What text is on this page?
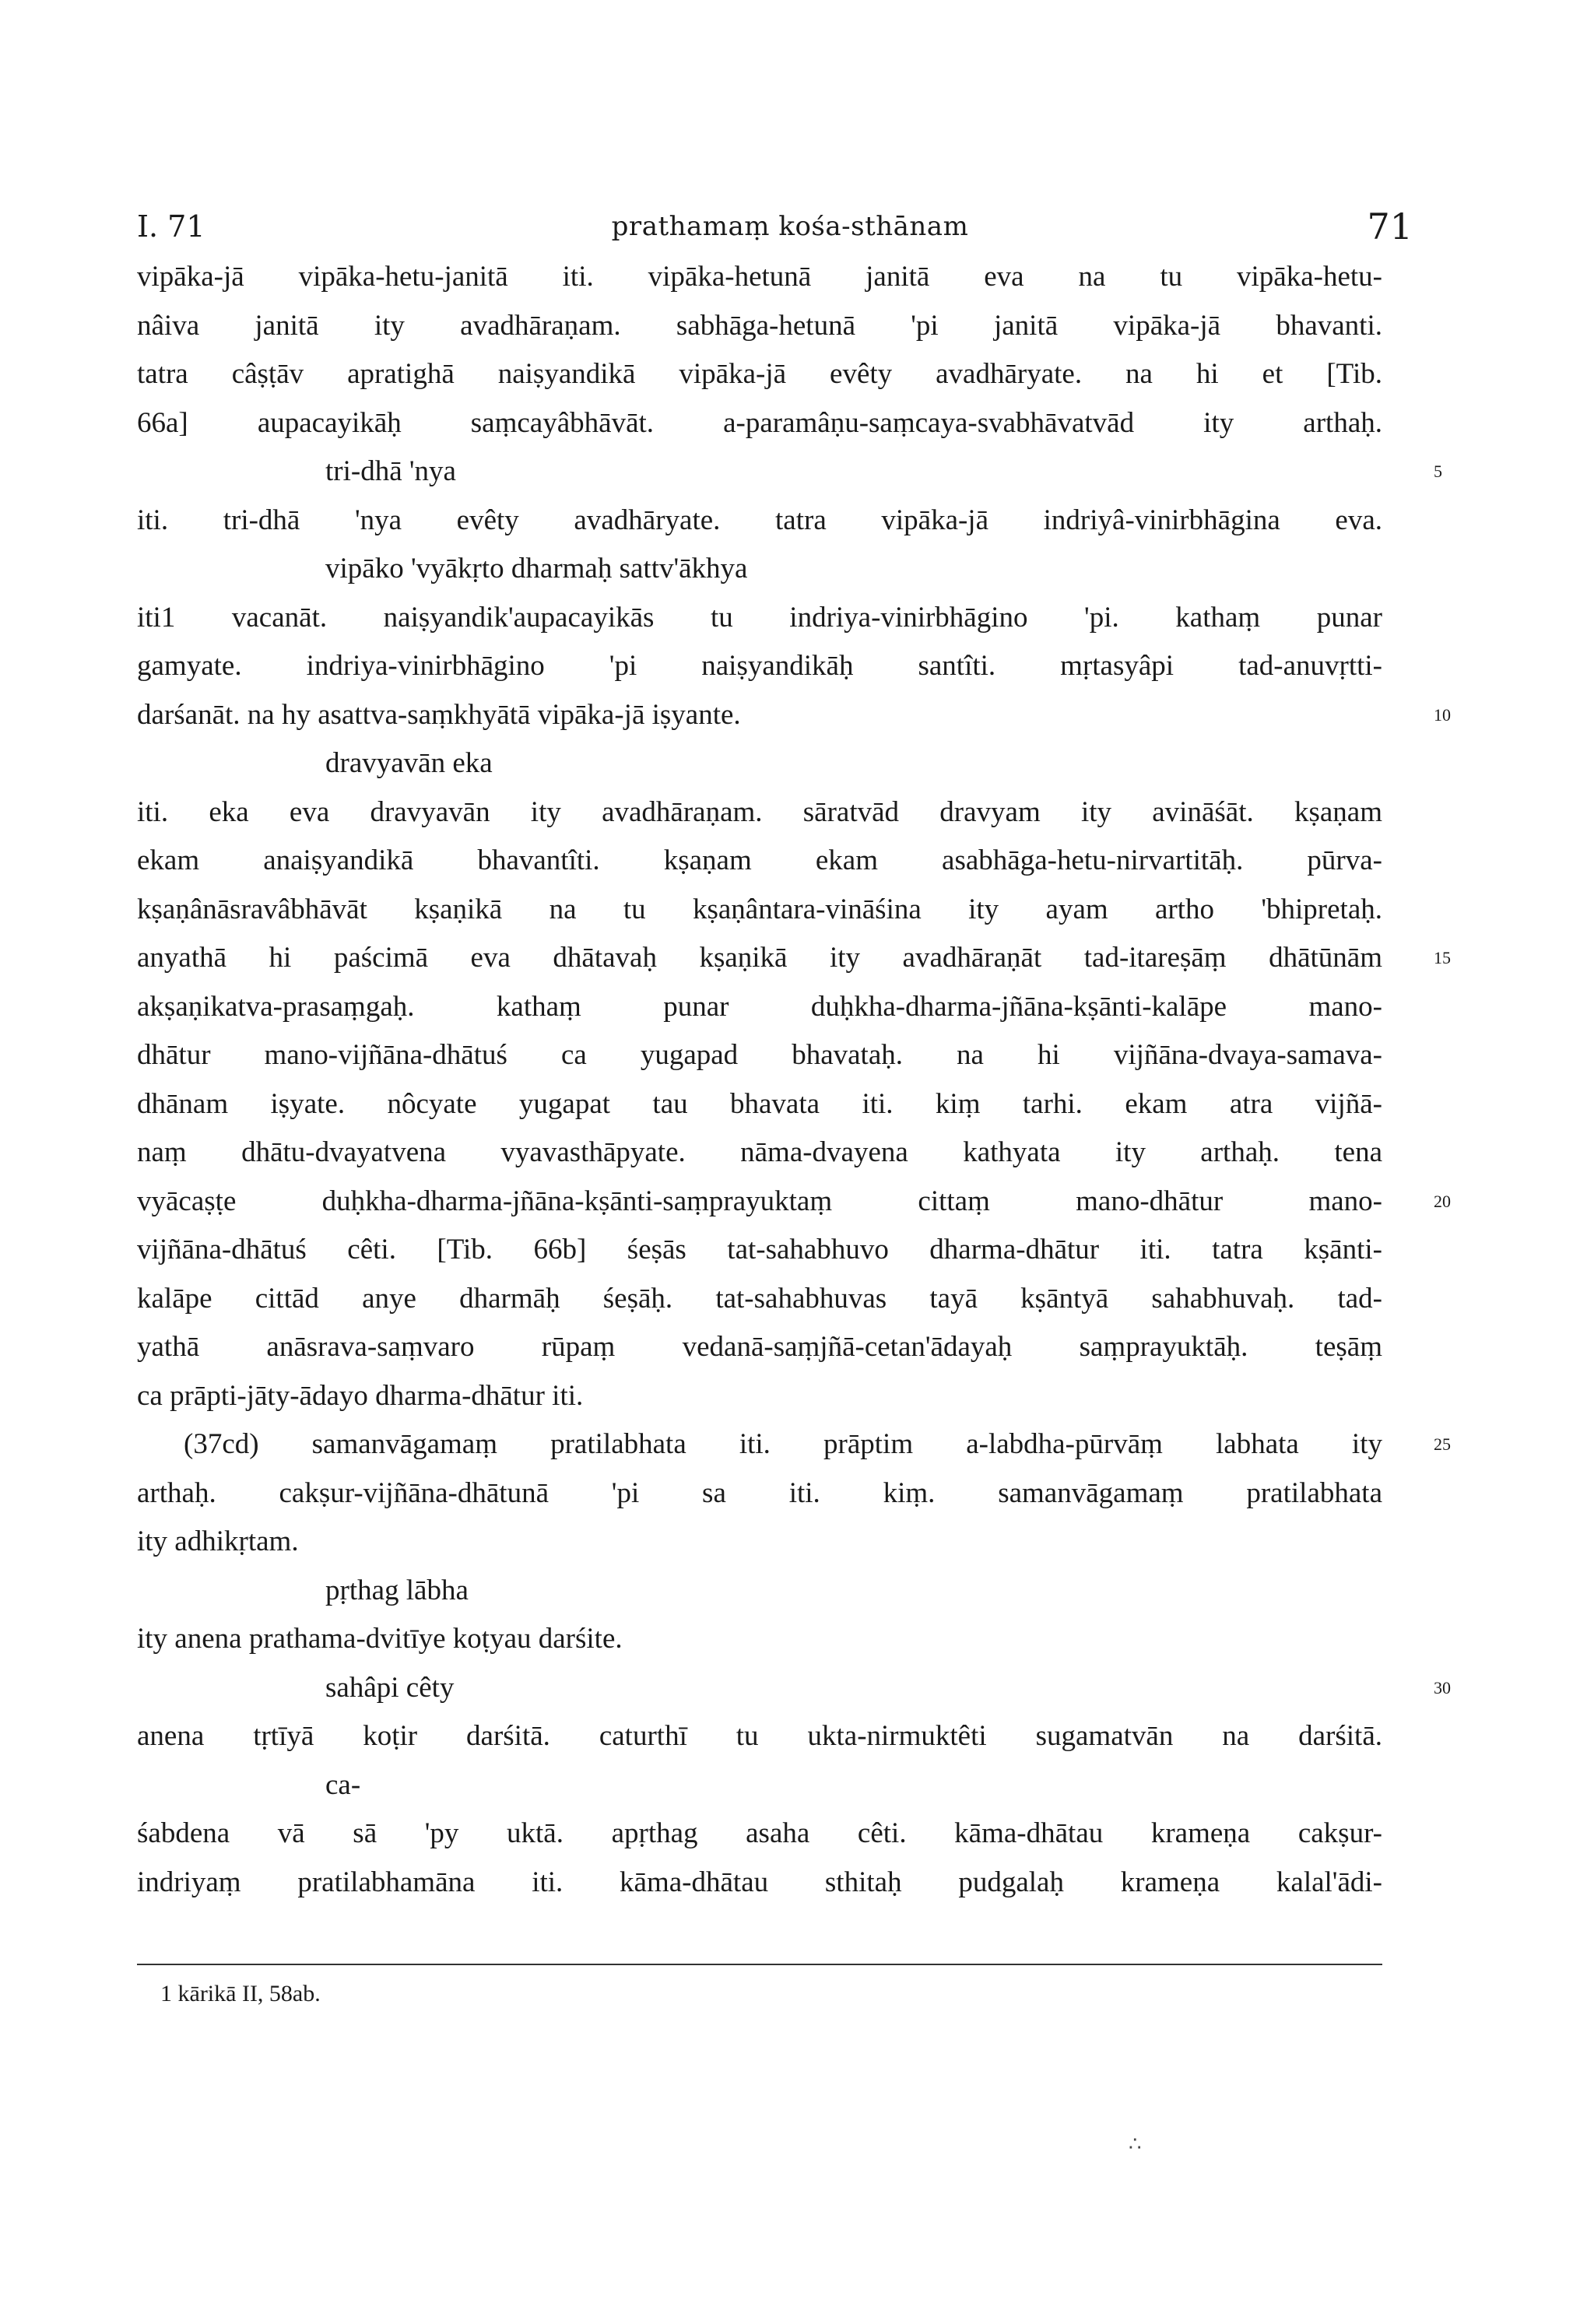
I. 71	prathamaṃ kośa-sthānam	71
vipāka-jā vipāka-hetu-janitā iti. vipāka-hetunā janitā eva na tu vipāka-hetu-
nâiva janitā ity avadhāraṇam. sabhāga-hetunā 'pi janitā vipāka-jā bhavanti.
tatra câṣṭāv apratighā naiṣyandikā vipāka-jā evêty avadhāryate. na hi et [Tib.
66a] aupacayikāḥ saṃcayâbhāvāt. a-paramâṇu-saṃcaya-svabhāvatvād ity arthaḥ.
tri-dhā 'nya
iti. tri-dhā 'nya evêty avadhāryate. tatra vipāka-jā indriyâ-vinirbhāgina eva.
vipāko 'vyākṛto dharmaḥ sattv'ākhya
iti1 vacanāt. naiṣyandik'aupacayikās tu indriya-vinirbhāgino 'pi. kathaṃ punar
gamyate. indriya-vinirbhāgino 'pi naiṣyandikāḥ santîti. mṛtasyâpi tad-anuvṛtti-
darśanāt. na hy asattva-saṃkhyātā vipāka-jā iṣyante.
dravyavān eka
iti. eka eva dravyavān ity avadhāraṇam. sāratvād dravyam ity avināśāt. kṣaṇam
ekam anaiṣyandikā bhavantîti. kṣaṇam ekam asabhāga-hetu-nirvartitāḥ. pūrva-
kṣaṇânāsravâbhāvāt kṣaṇikā na tu kṣaṇântara-vināśina ity ayam artho 'bhipretaḥ.
anyathā hi paścimā eva dhātavaḥ kṣaṇikā ity avadhāraṇāt tad-itareṣāṃ dhātūnām
akṣaṇikatva-prasaṃgaḥ. kathaṃ punar duḥkha-dharma-jñāna-kṣānti-kalāpe mano-
dhātur mano-vijñāna-dhātuś ca yugapad bhavataḥ. na hi vijñāna-dvaya-samava-
dhānam iṣyate. nôcyate yugapat tau bhavata iti. kiṃ tarhi. ekam atra vijñā-
naṃ dhātu-dvayatvena vyavasthāpyate. nāma-dvayena kathyata ity arthaḥ. tena
vyācaṣṭe duḥkha-dharma-jñāna-kṣānti-saṃprayuktaṃ cittaṃ mano-dhātur mano-
vijñāna-dhātuś cêti. [Tib. 66b] śeṣās tat-sahabhuvo dharma-dhātur iti. tatra kṣānti-
kalāpe cittād anye dharmāḥ śeṣāḥ. tat-sahabhuvas tayā kṣāntyā sahabhuvaḥ. tad-
yathā anāsrava-saṃvaro rūpaṃ vedanā-saṃjñā-cetan'ādayaḥ saṃprayuktāḥ. teṣāṃ
ca prāpti-jāty-ādayo dharma-dhātur iti.
(37cd) samanvāgamaṃ pratilabhata iti. prāptim a-labdha-pūrvāṃ labhata ity
arthaḥ. cakṣur-vijñāna-dhātunā 'pi sa iti. kiṃ. samanvāgamaṃ pratilabhata
ity adhikṛtam.
pṛthag lābha
ity anena prathama-dvitīye koṭyau darśite.
sahâpi cêty
anena tṛtīyā koṭir darśitā. caturthī tu ukta-nirmuktêti sugamatvān na darśitā.
ca-
śabdena vā sā 'py uktā. apṛthag asaha cêti. kāma-dhātau krameṇa cakṣur-
indriyaṃ pratilabhamāna iti. kāma-dhātau sthitaḥ pudgalaḥ krameṇa kalal'ādi-
5
10
15
20
25
30
1 kārikā II, 58ab.
∴
